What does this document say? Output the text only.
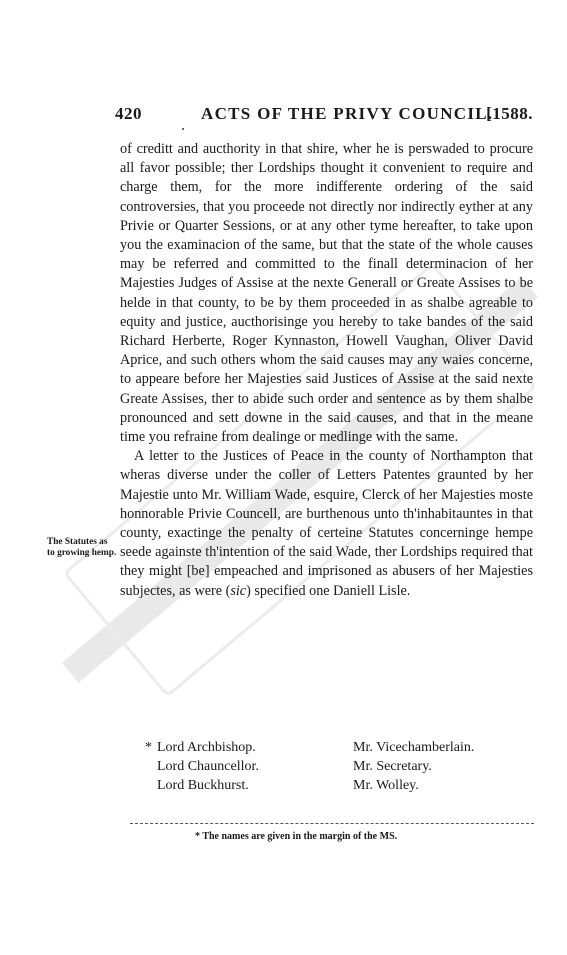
420	ACTS OF THE PRIVY COUNCIL.
[1588.

of creditt and aucthority in that shire, wher he is perswaded to procure all favor possible; ther Lordships thought it convenient to require and charge them, for the more indifferente ordering of the said controversies, that you proceede not directly nor indirectly eyther at any Privie or Quarter Sessions, or at any other tyme hereafter, to take upon you the examinacion of the same, but that the state of the whole causes may be referred and committed to the finall determinacion of her Majesties Judges of Assise at the nexte Generall or Greate Assises to be helde in that county, to be by them proceeded in as shalbe agreable to equity and justice, aucthorisinge you hereby to take bandes of the said Richard Herberte, Roger Kynnaston, Howell Vaughan, Oliver David Aprice, and such others whom the said causes may any waies concerne, to appeare before her Majesties said Justices of Assise at the said nexte Greate Assises, ther to abide such order and sentence as by them shalbe pronounced and sett downe in the said causes, and that in the meane time you refraine from dealinge or medlinge with the same.

A letter to the Justices of Peace in the county of Northampton that wheras diverse under the coller of Letters Patentes graunted by her Majestie unto Mr. William Wade, esquire, Clerck of her Majesties moste honnorable Privie Councell, are burthenous unto th'inhabitauntes in that county, exactinge the penalty of certeine Statutes concerninge hempe seede againste th'intention of the said Wade, ther Lordships required that they might [be] empeached and imprisoned as abusers of her Majesties subjectes, as were (sic) specified one Daniell Lisle.

The Statutes as to growing hemp.
* Lord Archbishop.
Lord Chauncellor.
Lord Buckhurst.
Mr. Vicechamberlain.
Mr. Secretary.
Mr. Wolley.
* The names are given in the margin of the MS.
